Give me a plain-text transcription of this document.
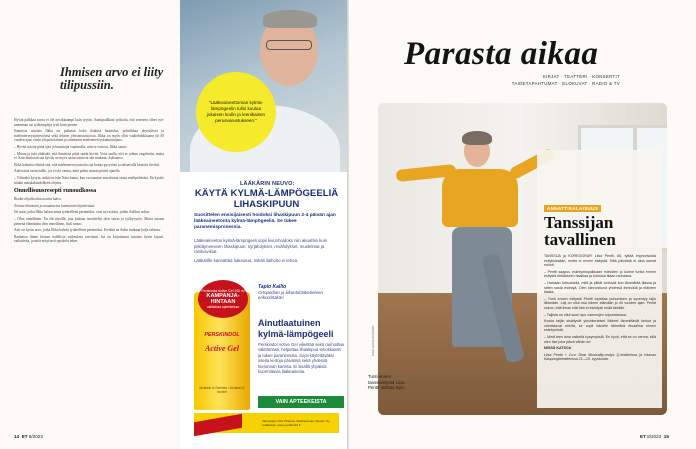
Ihmisen arvo ei liity tilipussiin.

Hyvää palkkaa saava ei ole arvokkaampi kuin tyytön. Saattipalkkaat työkoita, että senrteen olleet työ-nnemman sai työkompleja tyxti kuin pienen.

Samoista asioista Ilkka on puhunut koko ikäänsä haastulsa, politiikkaa järjestöissä ja mielenterveysjärjestöissä sekä lehtien yleisönosastoissa. Ilkka on myös ollut vaaliehdokkaana yli 50 vuoden ajan, ensin yliopistolainen ja sittemmin mielenterveyskuntoutujana.

– Hyvää asioita pitää ajaa ja buusttajia vaatimalla, niin se vain on, Ilkka sanoo.

– Minua ja isää yhdistää, että ihmisistä pitää saada hyvää. Voisi taulla, että se johtuu ongelmiin, mutta ei. Kun ihmisistä saa hyvää, ne myös saatu toimivat sen mukaan, Aulisanoo.

Ilkka haluaisi edistää sitä, että mielenterveysasioita saa hoitaa pysyvästi ja takaavalla keinoin tiiviisti.

Aulivottaa usein isälle, jos ei ole varma, mitä puhin asiasta pitäisi ajatella.

– Välmelei kysyin, mikä on isän Nato-kanta, kun en osannut muodostaa omaa mielipidettäni. En kysele niitäin nauskakaudelkeen ohjetta.

Onnellisuusresepti runoudkossa

Ruoka-ohjalla alussa aina lukea.

Toistuu ihmissisä ja muuntaessa kunnianiin käyttävässä.

Ne asiat, jotka Ilkka haluat antaa tyttärelleen perinnöksi, ovat nyt asioita, joihin Aulikin uskoo.

– Olen onnellinen. En elä täysillä, jota kukaan tavoittelisi olen sairas ja työkyvytön. Mutta omana pienenä elämänäni olen onnellinen, Auli sanoo.

Auli on hyvin arvo, jotka Ilkka haluisi tyttärelleen perinnöksi. Eivätkä ne Aulin mukaan kulje rahassa.

Rauhassa ilman kivuun todellista vaikeuksia tarvitaan. Isä on kirjoittanut asioista hyvin lujasti, vaikutteita, ja mitä erityisesti opiskelu tekee.

”Lääkeaineettoman kylmä-lämpögeelin tulisi kuulua jokaisen kodin ja leenikaisen perusvarustukseen.”
LÄÄKÄRIN NEUVO:
KÄYTÄ KYLMÄ-LÄMPÖGEELIÄ LIHASKIPUUN
Suosittelen ensisijaisesti hoidoksi lihaskipuun 2-4 päivän ajan lääkeaineetonta kylmä-lämpögeeliä. Se tukee paranemisprosessia.

Lääkeaineeton kylmä-lämpögeeli sopii kivunhoidoks niin akuuttiin kuin pitkittyneeseen lihaskipuun; nyrjähdykset, revähdykset, mustelmat ja rasitusvikiut.

Lääkärille kannattaa hakeutua, mikäli ilaihoito ei tehoa.

PERSKINDOL
Active Gel
Muskeln & Gelenke / Lihakset & Nivelet
Perskindol Active Gel 100 ml
KAMPANJA-HINTAAN
valittuissa apteekeissa
Tapio Kallio
Ortopedian ja liikuntalääketieteen erikoislääkäri
Ainutlaatuinen kylmä-lämpögeeli
Perskindol Active Gel viilentää sekä rauhoittaa välittömästi, helpottaa lihaskipua tehokkaasti ja tukee paranemista. Sopii käytettäväksi useita kertoja päivässä sekä yhdessä hieronnan kanssa. Ei sisällä yhpäisiä kuormittavia lääkeaineita.
VAIN APTEEKEISTA
Valmistaja: Vifor Pharma. Maahantuoja: Santen Oy. Lisätietoja: www.perskindol.fi
14 ET 8/2023
Parasta aikaa
KIRJAT · TEATTERI · KONSERTIT
TAIDETAPAHTUMAT · ELOKUVAT · RADIO & TV
KUVA: HANNU RAINAMO
Tunti ennen tanssiesitystä Liisa Pentti aloittaa tajin.
ANNATTISALAISUUS
Tanssijan tavallinen

TANSSIJA ja KOREOGRAFI Liisa Pentti, 66, tyttää improvisoida esityksissään, mutta ei ennen esitystä. Siitä päivästä ei aina samat rutiinit.

– Pentti saapuu esiintymispaikkaan mieluiten jo kolme tuntia ennen esitystä ehtiäkseen haalkaa ja tutustua tilaan rauhassa.

– Halvaan tutmustella, mitä ja pitkät tuntuvat kun lämmittää tilassa ja sitten vasta esiintyä. Olen kiinnostunut yhdessä ihmisistä ja eläinten tilasta.

– Tunti ennen esitystä Pentti lopettaa puhumisen ja syventyy tajin liikkeisiin. Laji on ollut osa hänen elämään jo 40 vuoden ajan. Pentti uskoo, että ilman sitä hän ei esiintyisi enää tänään.

– Taijista on ollut suuri apu vammojen toipumisessa.

Koska taijiin sisältyvät yksinkertaiset liikkeet lämmittävät kehoa ja valmistavat mieltä, se sopii hänelle tärkeänä rituaalina ennen esiintymistä.

– Minä teen aina vaikeitä kysymyksiä. En hyvä, että se on varma, sillä olen itse joka päivä vähän eri.

MISSÄ KATSOA

Liisa Pentti + Co:n Dear Musicality-esitys Q-teatterissa ja Vaasan Kaupunginteatterissa 21.–23. syyskuuta.

ET 8/2023 15
